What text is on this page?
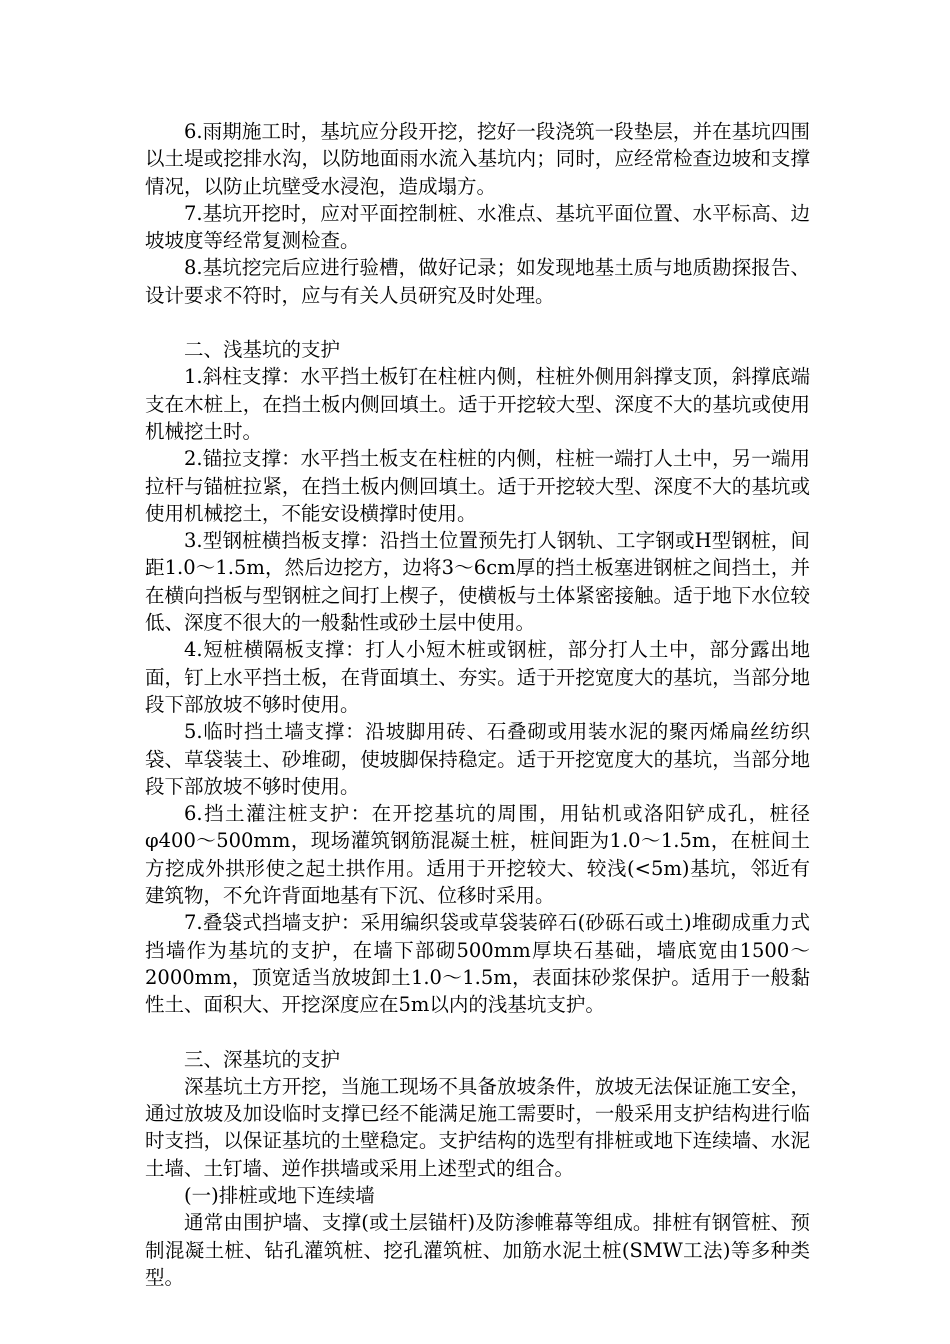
6.雨期施工时，基坑应分段开挖，挖好一段浇筑一段垫层，并在基坑四围以土堤或挖排水沟，以防地面雨水流入基坑内；同时，应经常检查边坡和支撑情况，以防止坑壁受水浸泡，造成塌方。

7.基坑开挖时，应对平面控制桩、水准点、基坑平面位置、水平标高、边坡坡度等经常复测检查。

8.基坑挖完后应进行验槽，做好记录；如发现地基土质与地质勘探报告、设计要求不符时，应与有关人员研究及时处理。

二、浅基坑的支护

1.斜柱支撑：水平挡土板钉在柱桩内侧，柱桩外侧用斜撑支顶，斜撑底端支在木桩上，在挡土板内侧回填土。适于开挖较大型、深度不大的基坑或使用机械挖土时。

2.锚拉支撑：水平挡土板支在柱桩的内侧，柱桩一端打人土中，另一端用拉杆与锚桩拉紧，在挡土板内侧回填土。适于开挖较大型、深度不大的基坑或使用机械挖土，不能安设横撑时使用。

3.型钢桩横挡板支撑：沿挡土位置预先打人钢轨、工字钢或H型钢桩，间距1.0～1.5m，然后边挖方，边将3～6cm厚的挡土板塞进钢桩之间挡土，并在横向挡板与型钢桩之间打上楔子，使横板与土体紧密接触。适于地下水位较低、深度不很大的一般黏性或砂土层中使用。

4.短桩横隔板支撑：打人小短木桩或钢桩，部分打人土中，部分露出地面，钉上水平挡土板，在背面填土、夯实。适于开挖宽度大的基坑，当部分地段下部放坡不够时使用。

5.临时挡土墙支撑：沿坡脚用砖、石叠砌或用装水泥的聚丙烯扁丝纺织袋、草袋装土、砂堆砌，使坡脚保持稳定。适于开挖宽度大的基坑，当部分地段下部放坡不够时使用。

6.挡土灌注桩支护：在开挖基坑的周围，用钻机或洛阳铲成孔，桩径φ400～500mm，现场灌筑钢筋混凝土桩，桩间距为1.0～1.5m，在桩间土方挖成外拱形使之起土拱作用。适用于开挖较大、较浅(<5m)基坑，邻近有建筑物，不允许背面地基有下沉、位移时采用。

7.叠袋式挡墙支护：采用编织袋或草袋装碎石(砂砾石或土)堆砌成重力式挡墙作为基坑的支护，在墙下部砌500mm厚块石基础，墙底宽由1500～2000mm，顶宽适当放坡卸土1.0～1.5m，表面抹砂浆保护。适用于一般黏性土、面积大、开挖深度应在5m以内的浅基坑支护。

三、深基坑的支护

深基坑土方开挖，当施工现场不具备放坡条件，放坡无法保证施工安全，通过放坡及加设临时支撑已经不能满足施工需要时，一般采用支护结构进行临时支挡，以保证基坑的土壁稳定。支护结构的选型有排桩或地下连续墙、水泥土墙、土钉墙、逆作拱墙或采用上述型式的组合。

(一)排桩或地下连续墙

通常由围护墙、支撑(或土层锚杆)及防渗帷幕等组成。排桩有钢管桩、预制混凝土桩、钻孔灌筑桩、挖孔灌筑桩、加筋水泥土桩(SMW工法)等多种类型。
